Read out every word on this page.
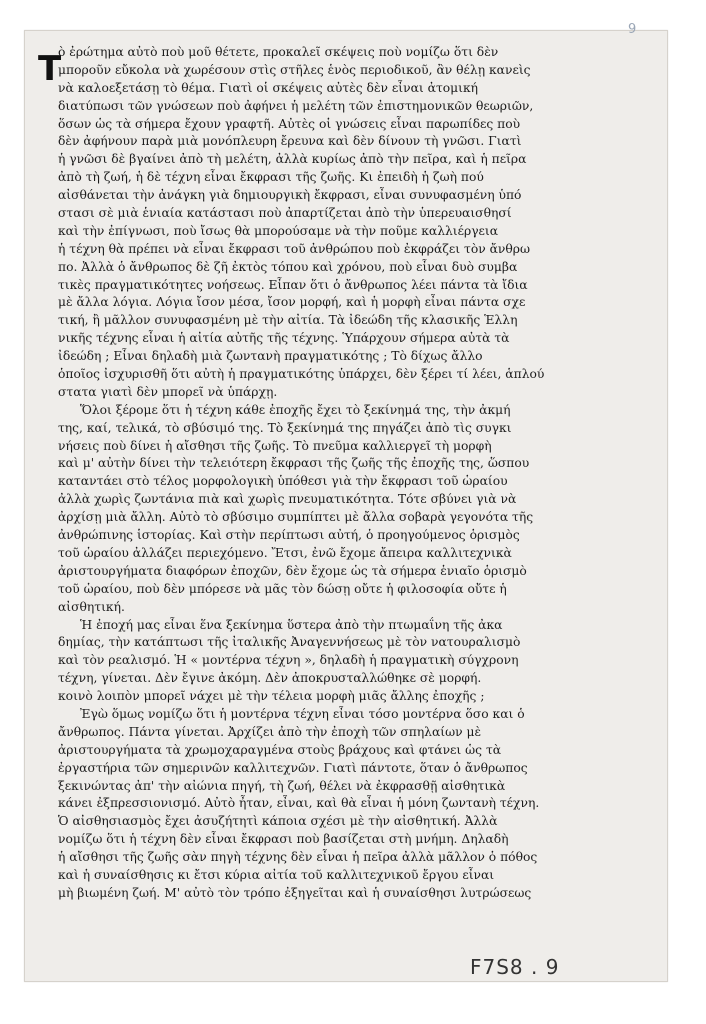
9
T
ὸ ἐρώτημα αὐτὸ ποὺ μοῦ θέτετε, προκαλεῖ σκέψεις ποὺ νομίζω ὅτι δὲν
μποροῦν εὔκολα νὰ χωρέσουν στὶς στῆλες ἑνὸς περιοδικοῦ, ἂν θέλῃ κανεὶς
νὰ καλοεξετάσῃ τὸ θέμα. Γιατὶ οἱ σκέψεις αὐτὲς δὲν εἶναι ἀτομική
διατύπωσι τῶν γνώσεων ποὺ ἀφήνει ἡ μελέτη τῶν ἐπιστημονικῶν θεωριῶν,
ὅσων ὡς τὰ σήμερα ἔχουν γραφτῆ. Αὐτὲς οἱ γνώσεις εἶναι παρωπίδες ποὺ
δὲν ἀφήνουν παρὰ μιὰ μονόπλευρη ἔρευνα καὶ δὲν δίνουν τὴ γνῶσι. Γιατὶ
ἡ γνῶσι δὲ βγαίνει ἀπὸ τὴ μελέτη, ἀλλὰ κυρίως ἀπὸ τὴν πεῖρα, καὶ ἡ πεῖρα
ἀπὸ τὴ ζωή, ἡ δὲ τέχνη εἶναι ἔκφρασι τῆς ζωῆς. Κι ἐπειδὴ ἡ ζωὴ πού
αἰσθάνεται τὴν ἀνάγκη γιὰ δημιουργικὴ ἔκφρασι, εἶναι συνυφασμένη ὑπό
στασι σὲ μιὰ ἑνιαία κατάστασι ποὺ ἀπαρτίζεται ἀπὸ τὴν ὑπερευαισθησί
καὶ τὴν ἐπίγνωσι, ποὺ ἴσως θὰ μπορούσαμε νὰ τὴν ποῦμε καλλιέργεια
ἡ τέχνη θὰ πρέπει νὰ εἶναι ἔκφρασι τοῦ ἀνθρώπου ποὺ ἐκφράζει τὸν ἄνθρω
πο. Ἀλλὰ ὁ ἄνθρωπος δὲ ζῆ ἐκτὸς τόπου καὶ χρόνου, ποὺ εἶναι δυὸ συμβα
τικὲς πραγματικότητες νοήσεως. Εἶπαν ὅτι ὁ ἄνθρωπος λέει πάντα τὰ ἴδια
μὲ ἄλλα λόγια. Λόγια ἴσον μέσα, ἴσον μορφή, καὶ ἡ μορφὴ εἶναι πάντα σχε
τική, ἢ μᾶλλον συνυφασμένη μὲ τὴν αἰτία. Τὰ ἰδεώδη τῆς κλασικῆς Ἑλλη
νικῆς τέχνης εἶναι ἡ αἰτία αὐτῆς τῆς τέχνης. Ὑπάρχουν σήμερα αὐτὰ τὰ
ἰδεώδη ; Εἶναι δηλαδὴ μιὰ ζωντανὴ πραγματικότης ; Τὸ δίχως ἄλλο
ὁποῖος ἰσχυρισθῆ ὅτι αὐτὴ ἡ πραγματικότης ὑπάρχει, δὲν ξέρει τί λέει, ἁπλού
στατα γιατὶ δὲν μπορεῖ νὰ ὑπάρχῃ.
Ὅλοι ξέρομε ὅτι ἡ τέχνη κάθε ἐποχῆς ἔχει τὸ ξεκίνημά της, τὴν ἀκμή
της, καί, τελικά, τὸ σβύσιμό της. Τὸ ξεκίνημά της πηγάζει ἀπὸ τὶς συγκι
νήσεις ποὺ δίνει ἡ αἴσθησι τῆς ζωῆς. Τὸ πνεῦμα καλλιεργεῖ τὴ μορφὴ
καὶ μ' αὐτὴν δίνει τὴν τελειότερη ἔκφρασι τῆς ζωῆς τῆς ἐποχῆς της, ὥσπου
καταντάει στὸ τέλος μορφολογικὴ ὑπόθεσι γιὰ τὴν ἔκφρασι τοῦ ὡραίου
ἀλλὰ χωρὶς ζωντάνια πιὰ καὶ χωρὶς πνευματικότητα. Τότε σβύνει γιὰ νὰ
ἀρχίσῃ μιὰ ἄλλη. Αὐτὸ τὸ σβύσιμο συμπίπτει μὲ ἄλλα σοβαρὰ γεγονότα τῆς
ἀνθρώπινης ἱστορίας. Καὶ στὴν περίπτωσι αὐτή, ὁ προηγούμενος ὁρισμὸς
τοῦ ὡραίου ἀλλάζει περιεχόμενο. Ἔτσι, ἐνῶ ἔχομε ἄπειρα καλλιτεχνικὰ
ἀριστουργήματα διαφόρων ἐποχῶν, δὲν ἔχομε ὡς τὰ σήμερα ἑνιαῖο ὁρισμὸ
τοῦ ὡραίου, ποὺ δὲν μπόρεσε νὰ μᾶς τὸν δώσῃ οὔτε ἡ φιλοσοφία οὔτε ἡ
αἰσθητική.
Ἡ ἐποχή μας εἶναι ἕνα ξεκίνημα ὕστερα ἀπὸ τὴν πτωμαΐνη τῆς ἀκα
δημίας, τὴν κατάπτωσι τῆς ἰταλικῆς Ἀναγεννήσεως μὲ τὸν νατουραλισμὸ
καὶ τὸν ρεαλισμό. Ἡ « μοντέρνα τέχνη », δηλαδὴ ἡ πραγματικὴ σύγχρονη
τέχνη, γίνεται. Δὲν ἔγινε ἀκόμη. Δὲν ἀποκρυσταλλώθηκε σὲ μορφή.
κοινὸ λοιπὸν μπορεῖ νάχει μὲ τὴν τέλεια μορφὴ μιᾶς ἄλλης ἐποχῆς ;
Ἐγὼ ὅμως νομίζω ὅτι ἡ μοντέρνα τέχνη εἶναι τόσο μοντέρνα ὅσο και ὁ
ἄνθρωπος. Πάντα γίνεται. Ἀρχίζει ἀπὸ τὴν ἐποχὴ τῶν σπηλαίων μὲ
ἀριστουργήματα τὰ χρωμοχαραγμένα στοὺς βράχους καὶ φτάνει ὡς τὰ
ἐργαστήρια τῶν σημερινῶν καλλιτεχνῶν. Γιατὶ πάντοτε, ὅταν ὁ ἄνθρωπος
ξεκινώντας ἀπ' τὴν αἰώνια πηγή, τὴ ζωή, θέλει νὰ ἐκφρασθῇ αἰσθητικὰ
κάνει ἐξπρεσσιονισμό. Αὐτὸ ἦταν, εἶναι, καὶ θὰ εἶναι ἡ μόνη ζωντανὴ τέχνη.
Ὁ αἰσθησιασμὸς ἔχει ἀσυζήτητὶ κάποια σχέσι μὲ τὴν αἰσθητική. Ἀλλὰ
νομίζω ὅτι ἡ τέχνη δὲν εἶναι ἔκφρασι ποὺ βασίζεται στὴ μνήμη. Δηλαδὴ
ἡ αἴσθησι τῆς ζωῆς σὰν πηγὴ τέχνης δὲν εἶναι ἡ πεῖρα ἀλλὰ μᾶλλον ὁ πόθος
καὶ ἡ συναίσθησις κι ἔτσι κύρια αἰτία τοῦ καλλιτεχνικοῦ ἔργου εἶναι
μὴ βιωμένη ζωή. Μ' αὐτὸ τὸν τρόπο ἐξηγεῖται καὶ ἡ συναίσθησι λυτρώσεως
F7S8 . 9
